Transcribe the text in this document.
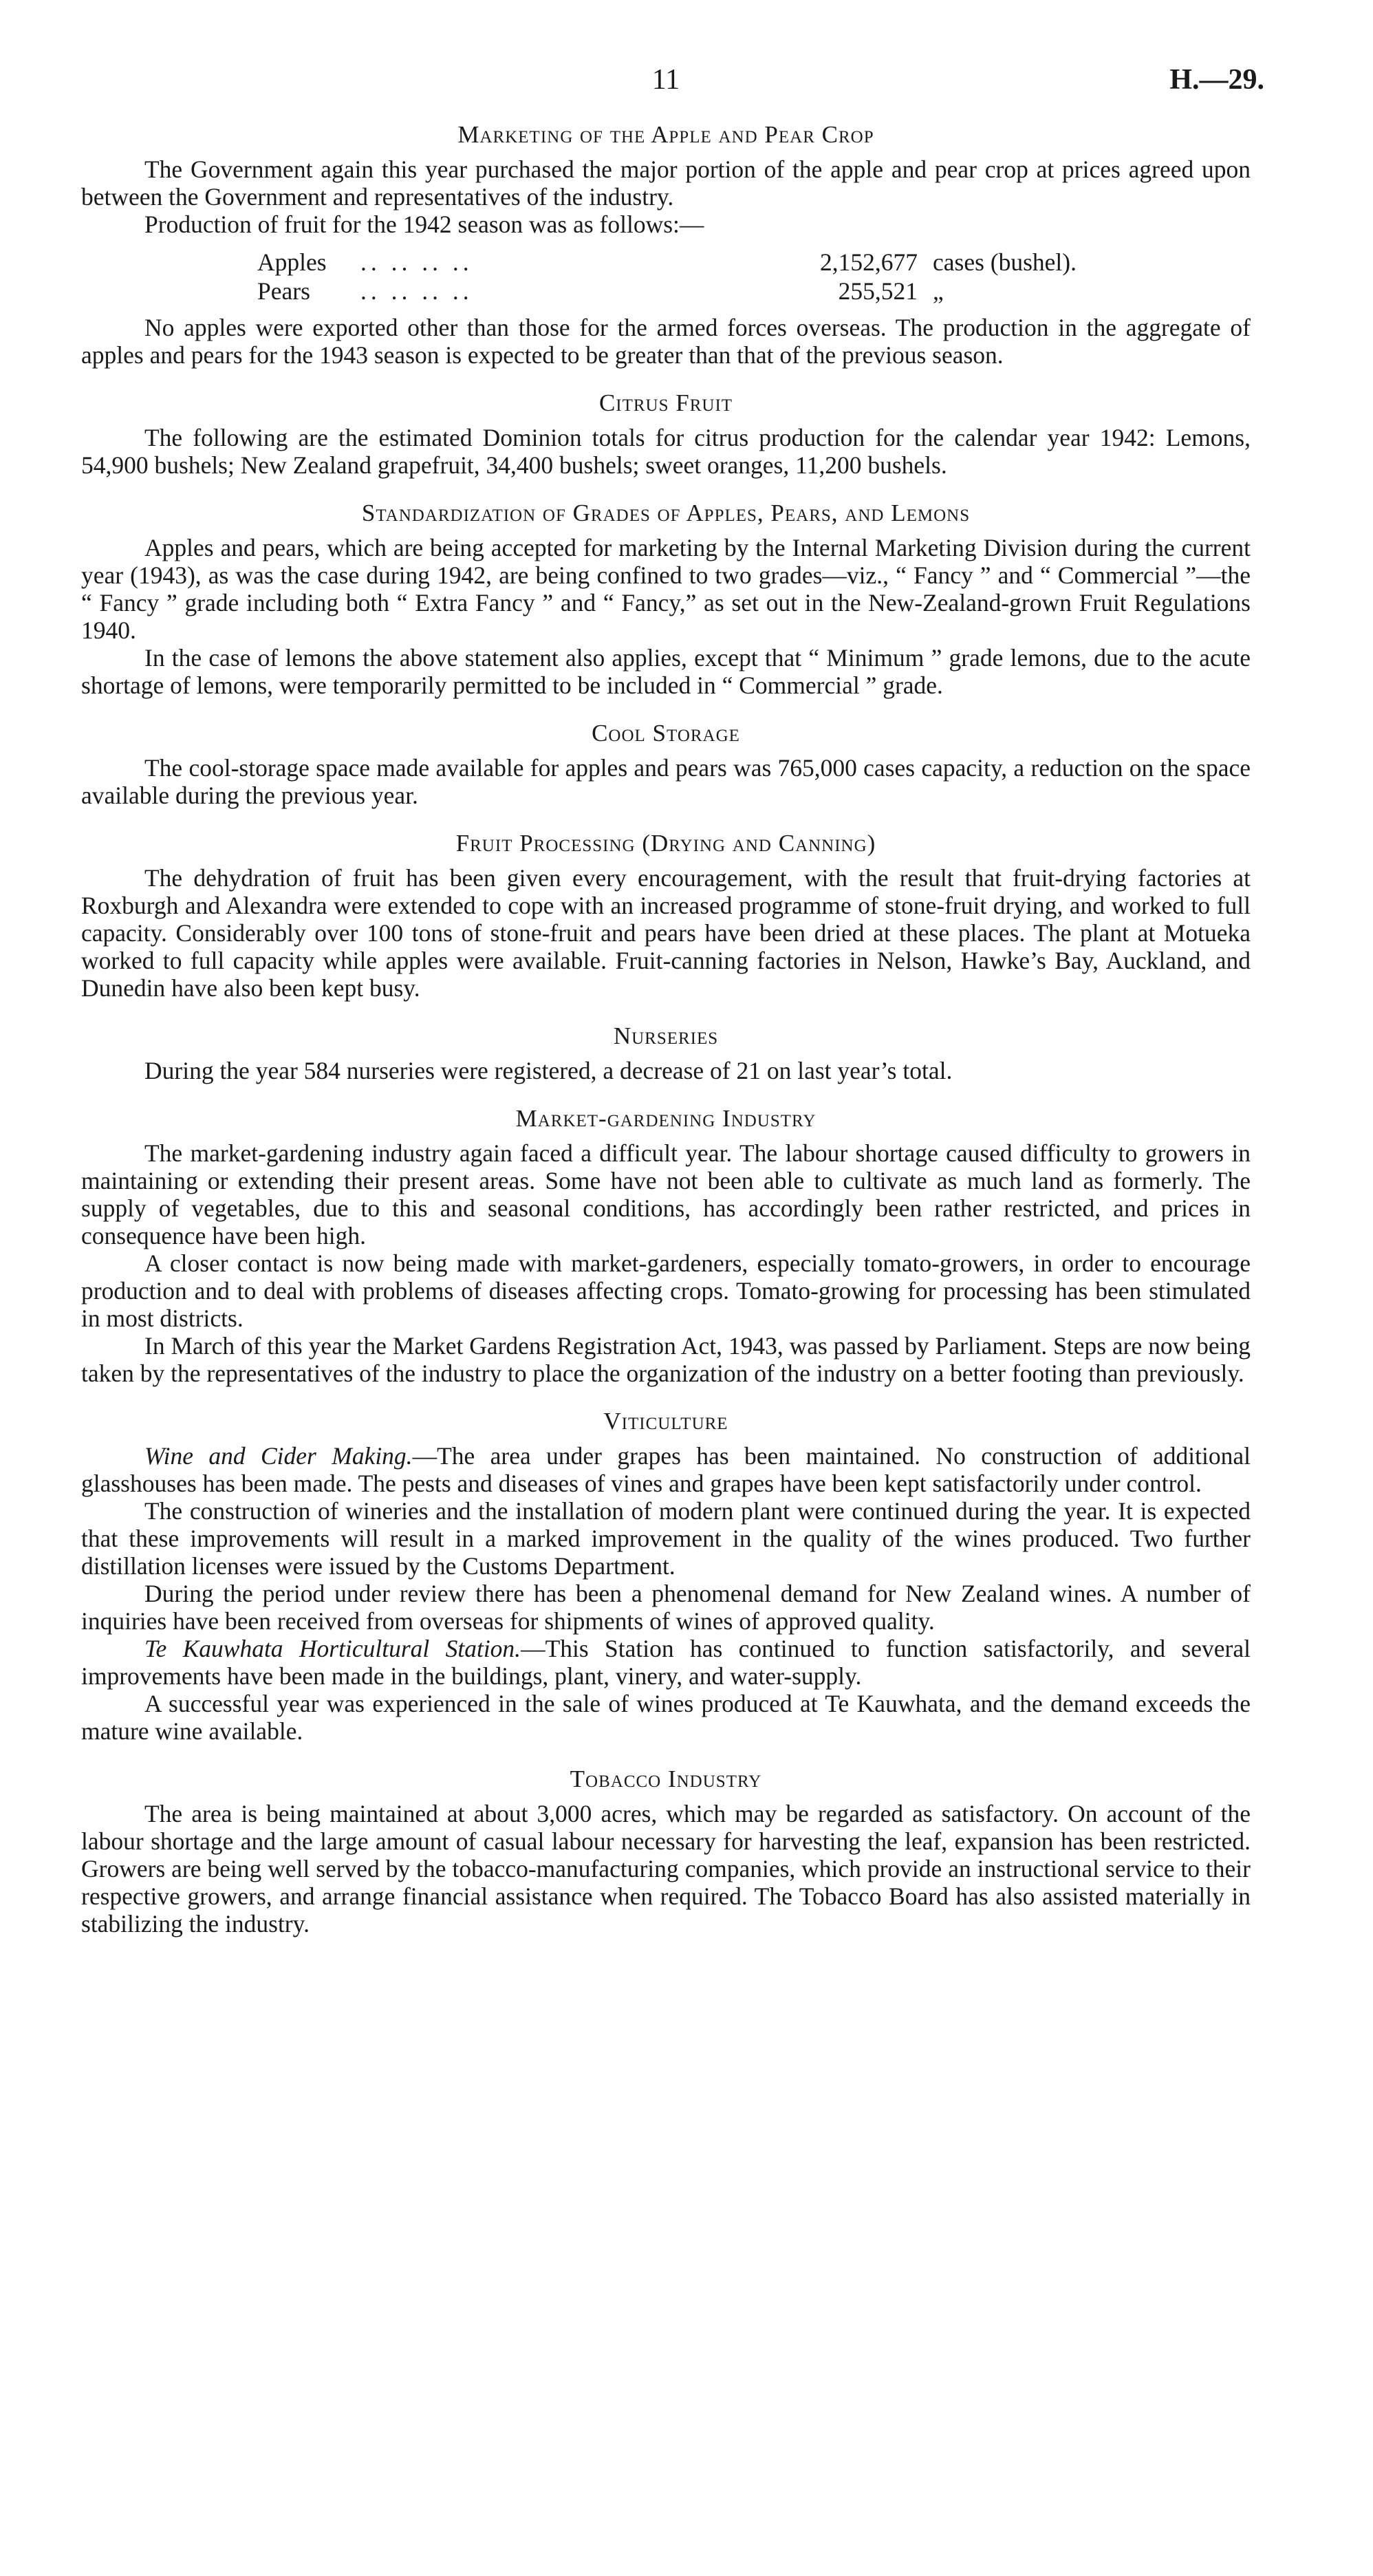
11	H.—29.
Marketing of the Apple and Pear Crop

The Government again this year purchased the major portion of the apple and pear crop at prices agreed upon between the Government and representatives of the industry.

Production of fruit for the 1942 season was as follows:—

Apples	.. .. .. ..	2,152,677 cases (bushel).
Pears	.. .. .. ..	255,521 „

No apples were exported other than those for the armed forces overseas. The production in the aggregate of apples and pears for the 1943 season is expected to be greater than that of the previous season.

Citrus Fruit

The following are the estimated Dominion totals for citrus production for the calendar year 1942: Lemons, 54,900 bushels; New Zealand grapefruit, 34,400 bushels; sweet oranges, 11,200 bushels.

Standardization of Grades of Apples, Pears, and Lemons

Apples and pears, which are being accepted for marketing by the Internal Marketing Division during the current year (1943), as was the case during 1942, are being confined to two grades—viz., “ Fancy ” and “ Commercial ”—the “ Fancy ” grade including both “ Extra Fancy ” and “ Fancy,” as set out in the New-Zealand-grown Fruit Regulations 1940.

In the case of lemons the above statement also applies, except that “ Minimum ” grade lemons, due to the acute shortage of lemons, were temporarily permitted to be included in “ Commercial ” grade.

Cool Storage

The cool-storage space made available for apples and pears was 765,000 cases capacity, a reduction on the space available during the previous year.

Fruit Processing (Drying and Canning)

The dehydration of fruit has been given every encouragement, with the result that fruit-drying factories at Roxburgh and Alexandra were extended to cope with an increased programme of stone-fruit drying, and worked to full capacity. Considerably over 100 tons of stone-fruit and pears have been dried at these places. The plant at Motueka worked to full capacity while apples were available. Fruit-canning factories in Nelson, Hawke’s Bay, Auckland, and Dunedin have also been kept busy.

Nurseries

During the year 584 nurseries were registered, a decrease of 21 on last year’s total.

Market-gardening Industry

The market-gardening industry again faced a difficult year. The labour shortage caused difficulty to growers in maintaining or extending their present areas. Some have not been able to cultivate as much land as formerly. The supply of vegetables, due to this and seasonal conditions, has accordingly been rather restricted, and prices in consequence have been high.

A closer contact is now being made with market-gardeners, especially tomato-growers, in order to encourage production and to deal with problems of diseases affecting crops. Tomato-growing for processing has been stimulated in most districts.

In March of this year the Market Gardens Registration Act, 1943, was passed by Parliament. Steps are now being taken by the representatives of the industry to place the organization of the industry on a better footing than previously.

Viticulture

Wine and Cider Making.—The area under grapes has been maintained. No construction of additional glasshouses has been made. The pests and diseases of vines and grapes have been kept satisfactorily under control.

The construction of wineries and the installation of modern plant were continued during the year. It is expected that these improvements will result in a marked improvement in the quality of the wines produced. Two further distillation licenses were issued by the Customs Department.

During the period under review there has been a phenomenal demand for New Zealand wines. A number of inquiries have been received from overseas for shipments of wines of approved quality.

Te Kauwhata Horticultural Station.—This Station has continued to function satisfactorily, and several improvements have been made in the buildings, plant, vinery, and water-supply.

A successful year was experienced in the sale of wines produced at Te Kauwhata, and the demand exceeds the mature wine available.

Tobacco Industry

The area is being maintained at about 3,000 acres, which may be regarded as satisfactory. On account of the labour shortage and the large amount of casual labour necessary for harvesting the leaf, expansion has been restricted. Growers are being well served by the tobacco-manufacturing companies, which provide an instructional service to their respective growers, and arrange financial assistance when required. The Tobacco Board has also assisted materially in stabilizing the industry.
